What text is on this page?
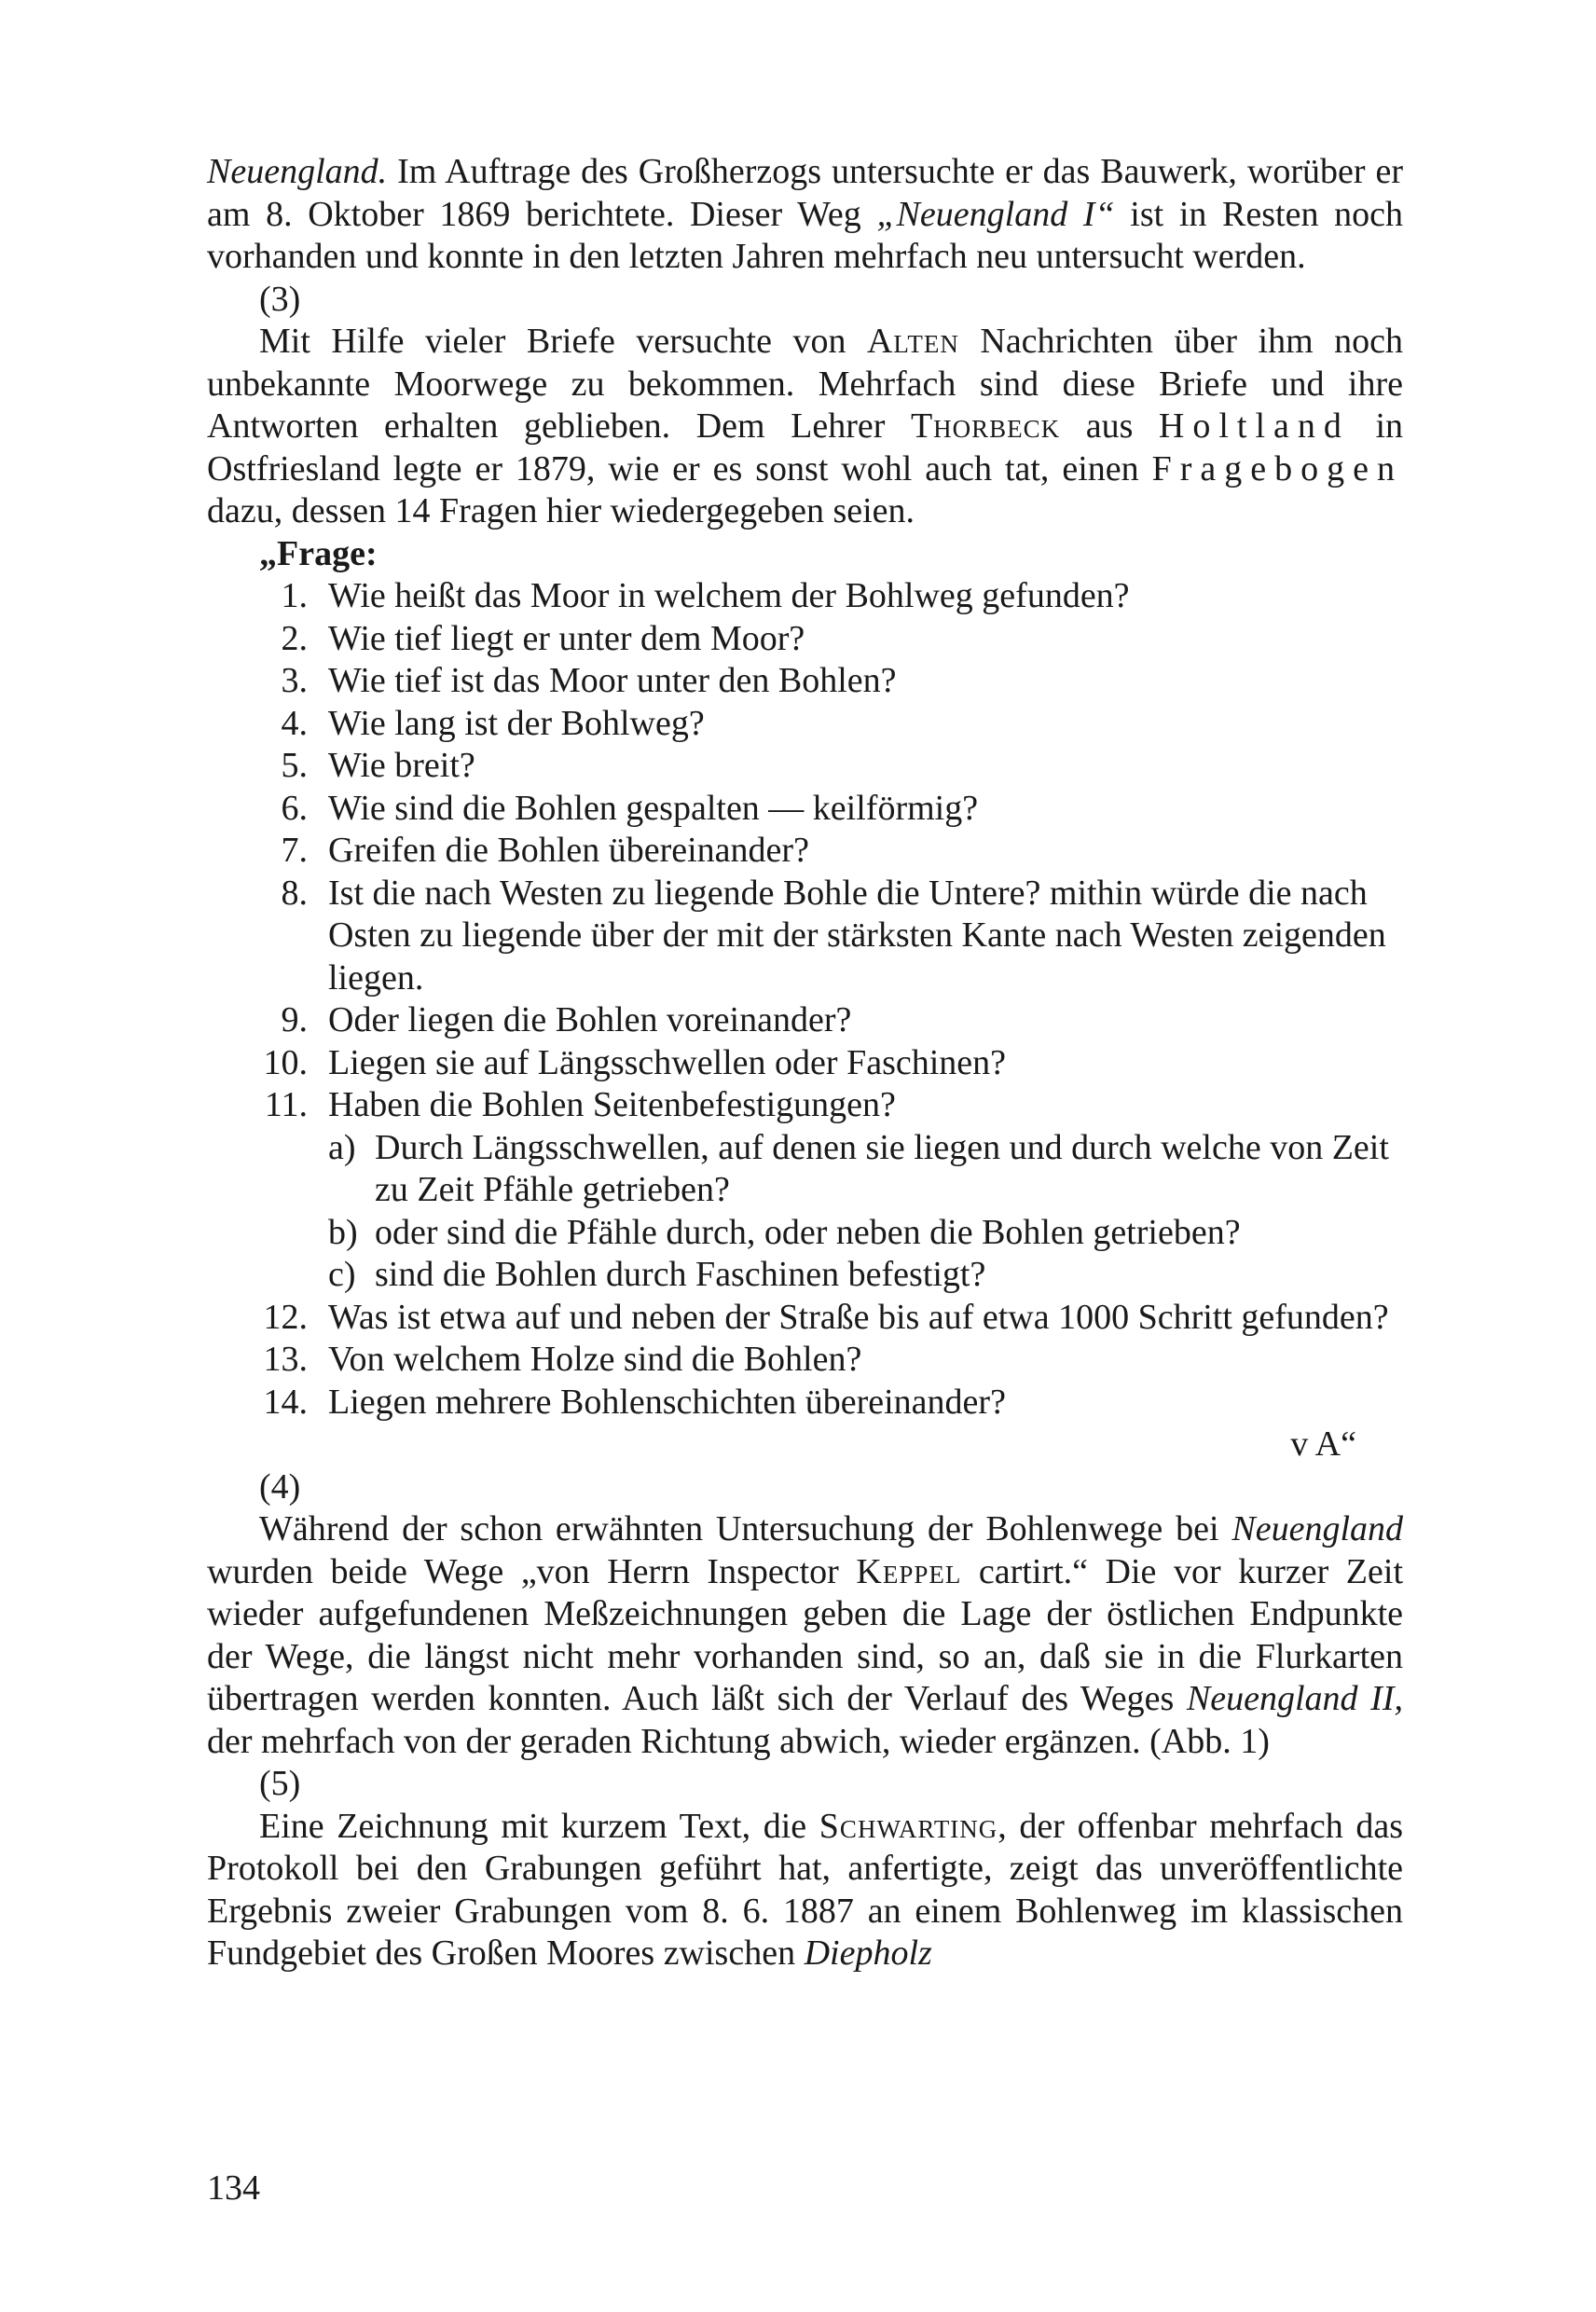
Neuengland. Im Auftrage des Großherzogs untersuchte er das Bauwerk, worüber er am 8. Oktober 1869 berichtete. Dieser Weg „Neuengland I“ ist in Resten noch vorhanden und konnte in den letzten Jahren mehrfach neu untersucht werden.

(3)

Mit Hilfe vieler Briefe versuchte von Alten Nachrichten über ihm noch unbekannte Moorwege zu bekommen. Mehrfach sind diese Briefe und ihre Antworten erhalten geblieben. Dem Lehrer Thorbeck aus Holtland in Ostfriesland legte er 1879, wie er es sonst wohl auch tat, einen Fragebogen dazu, dessen 14 Fragen hier wiedergegeben seien.

„Frage:
1. Wie heißt das Moor in welchem der Bohlweg gefunden?
2. Wie tief liegt er unter dem Moor?
3. Wie tief ist das Moor unter den Bohlen?
4. Wie lang ist der Bohlweg?
5. Wie breit?
6. Wie sind die Bohlen gespalten — keilförmig?
7. Greifen die Bohlen übereinander?
8. Ist die nach Westen zu liegende Bohle die Untere? mithin würde die nach Osten zu liegende über der mit der stärksten Kante nach Westen zeigenden liegen.
9. Oder liegen die Bohlen voreinander?
10. Liegen sie auf Längsschwellen oder Faschinen?
11. Haben die Bohlen Seitenbefestigungen?
a) Durch Längsschwellen, auf denen sie liegen und durch welche von Zeit zu Zeit Pfähle getrieben?
b) oder sind die Pfähle durch, oder neben die Bohlen getrieben?
c) sind die Bohlen durch Faschinen befestigt?
12. Was ist etwa auf und neben der Straße bis auf etwa 1000 Schritt gefunden?
13. Von welchem Holze sind die Bohlen?
14. Liegen mehrere Bohlenschichten übereinander?
v A“
(4)

Während der schon erwähnten Untersuchung der Bohlenwege bei Neuengland wurden beide Wege „von Herrn Inspector Keppel cartirt.“ Die vor kurzer Zeit wieder aufgefundenen Meßzeichnungen geben die Lage der östlichen Endpunkte der Wege, die längst nicht mehr vorhanden sind, so an, daß sie in die Flurkarten übertragen werden konnten. Auch läßt sich der Verlauf des Weges Neuengland II, der mehrfach von der geraden Richtung abwich, wieder ergänzen. (Abb. 1)

(5)

Eine Zeichnung mit kurzem Text, die Schwarting, der offenbar mehrfach das Protokoll bei den Grabungen geführt hat, anfertigte, zeigt das unveröffentlichte Ergebnis zweier Grabungen vom 8. 6. 1887 an einem Bohlenweg im klassischen Fundgebiet des Großen Moores zwischen Diepholz

134
